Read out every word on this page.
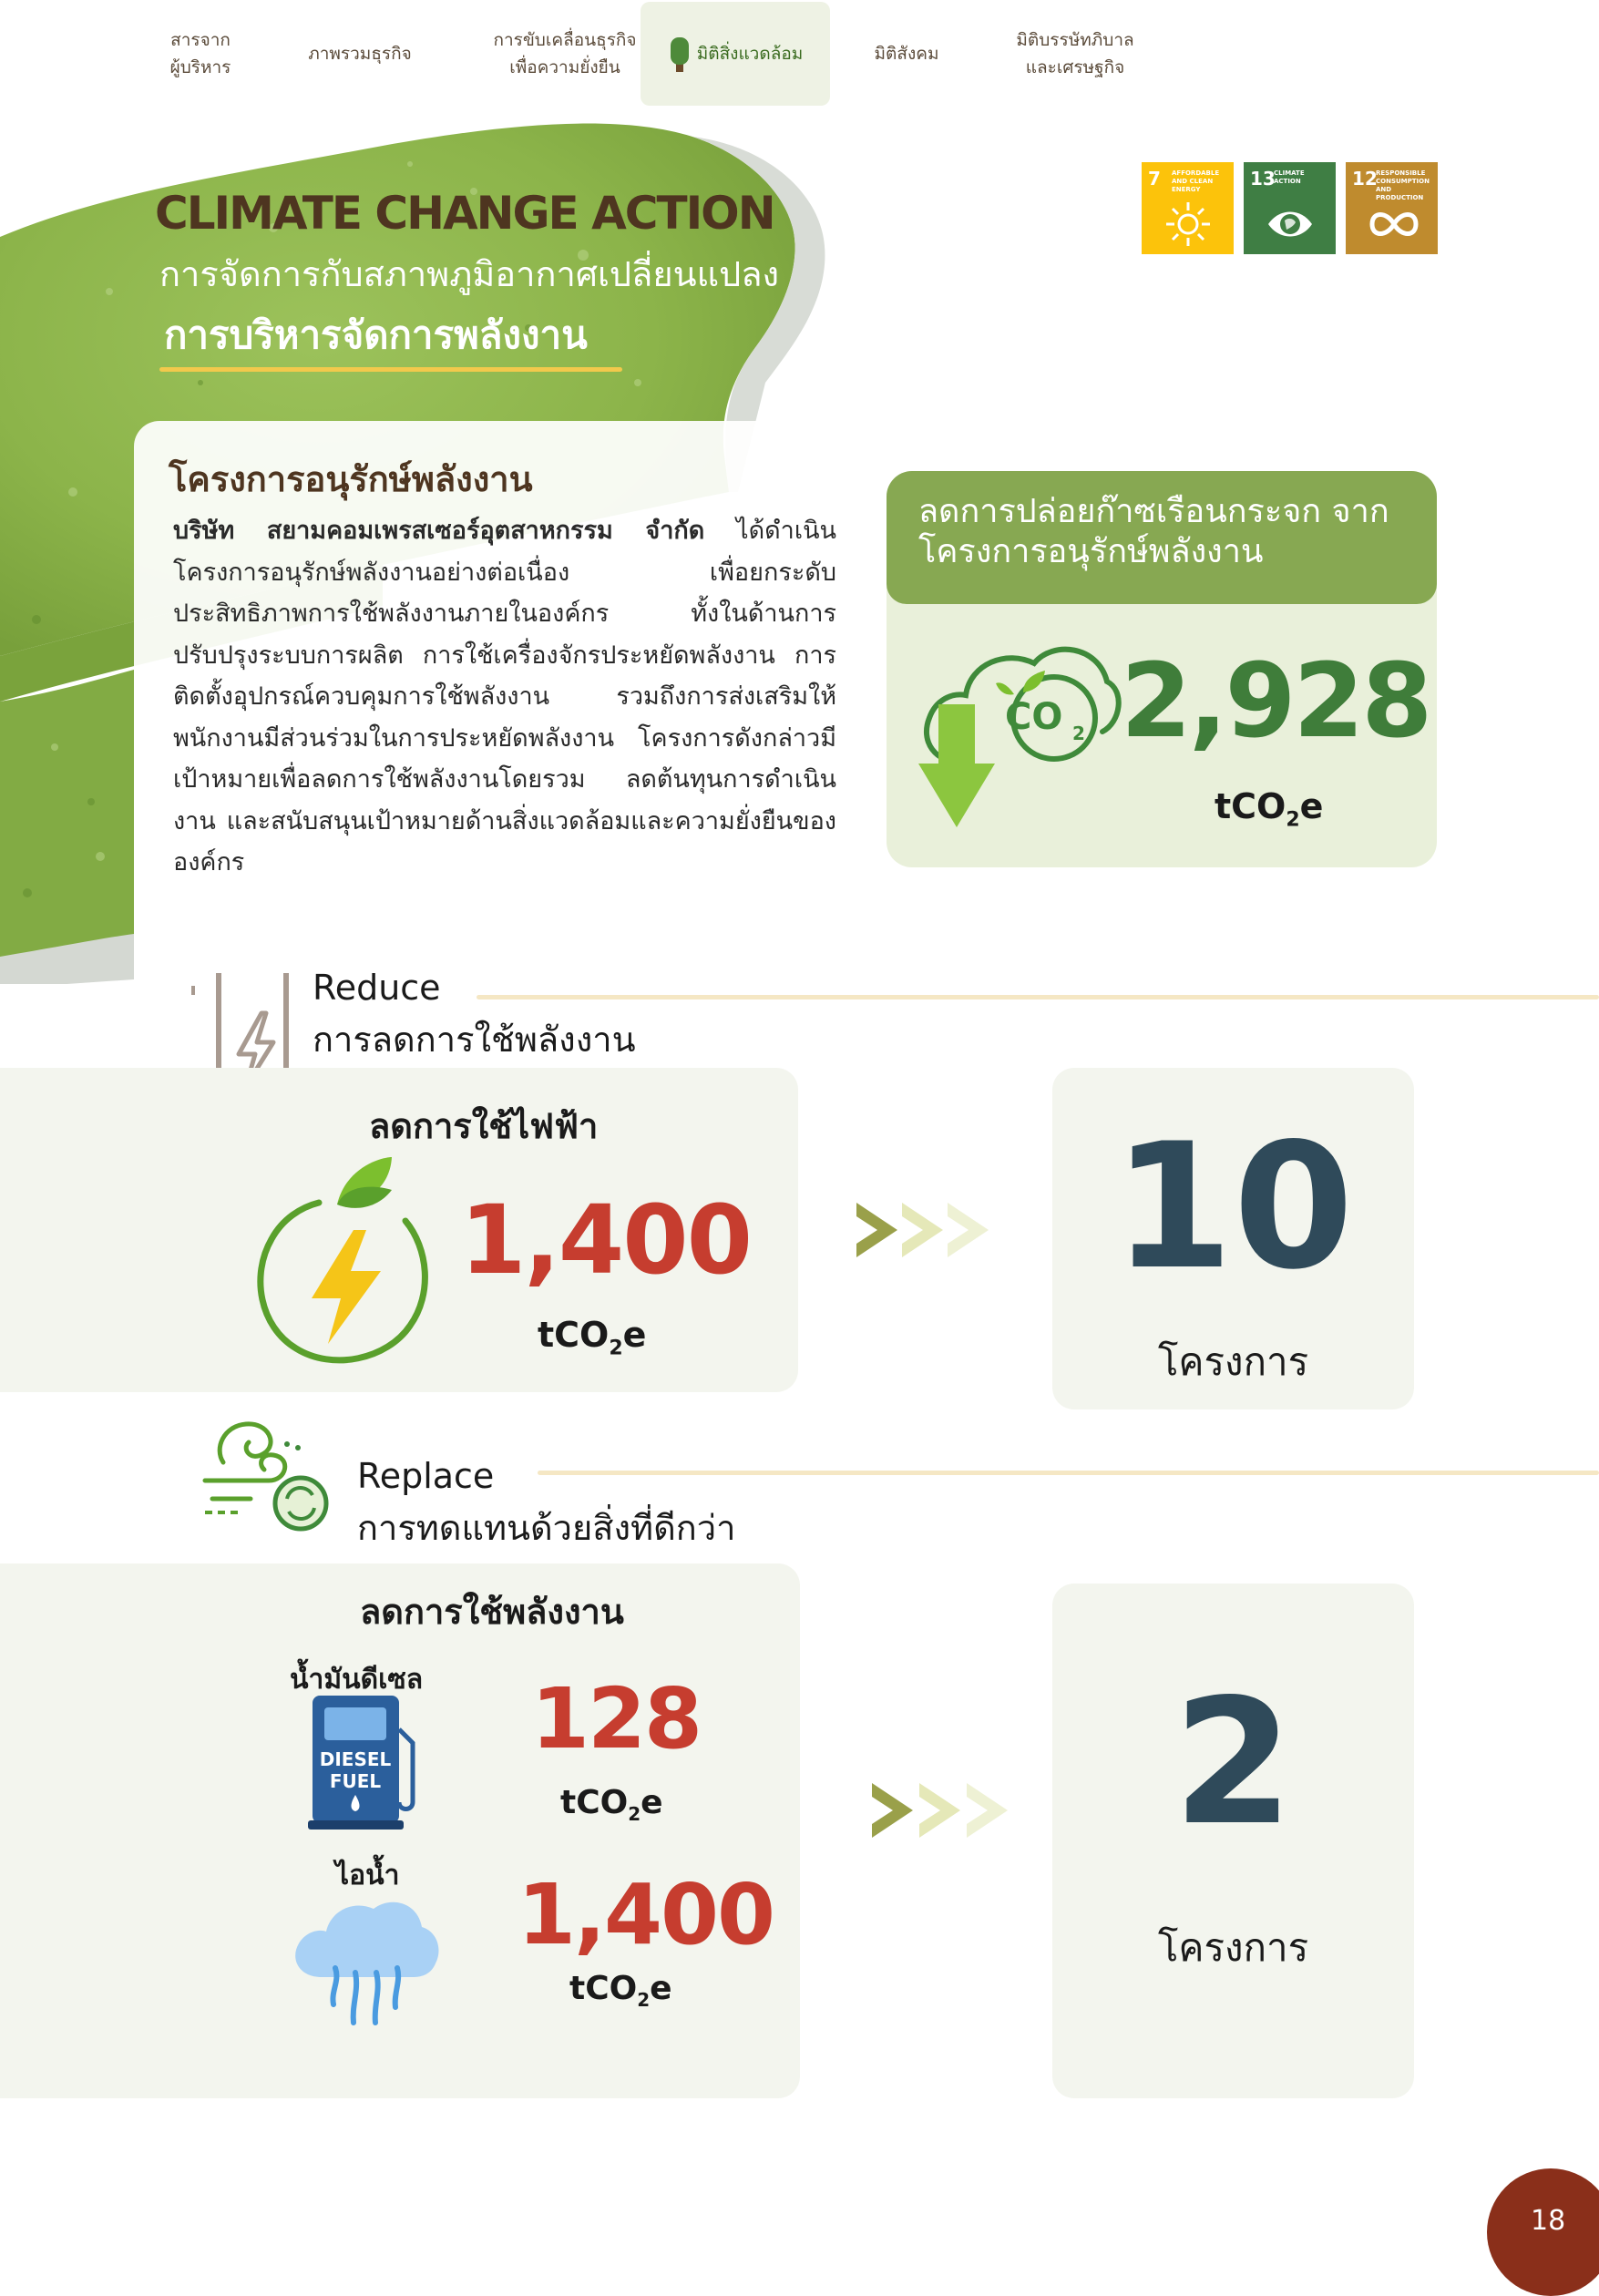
สารจาก
ผู้บริหาร
ภาพรวมธุรกิจ
การขับเคลื่อนธุรกิจ
เพื่อความยั่งยืน
มิติสิ่งแวดล้อม	มิติสังคม
มิติบรรษัทภิบาล
และเศรษฐกิจ
CLIMATE CHANGE ACTION
การจัดการกับสภาพภูมิอากาศเปลี่ยนแปลง
การบริหารจัดการพลังงาน
7 AFFORDABLE AND CLEAN ENERGY	13
CLIMATE ACTION	12
RESPONSIBLE CONSUMPTION AND PRODUCTION
โครงการอนุรักษ์พลังงาน
บริษัท สยามคอมเพรสเซอร์อุตสาหกรรม จำกัด ได้ดำเนินโครงการอนุรักษ์พลังงานอย่างต่อเนื่อง เพื่อยกระดับประสิทธิภาพการใช้พลังงานภายในองค์กร ทั้งในด้านการปรับปรุงระบบการผลิต การใช้เครื่องจักรประหยัดพลังงาน การติดตั้งอุปกรณ์ควบคุมการใช้พลังงาน รวมถึงการส่งเสริมให้พนักงานมีส่วนร่วมในการประหยัดพลังงาน โครงการดังกล่าวมีเป้าหมายเพื่อลดการใช้พลังงานโดยรวม ลดต้นทุนการดำเนินงาน และสนับสนุนเป้าหมายด้านสิ่งแวดล้อมและความยั่งยืนขององค์กร
ลดการปล่อยก๊าซเรือนกระจก จากโครงการอนุรักษ์พลังงาน
CO 2 2,928
tCO$_2$e
Reduce
การลดการใช้พลังงาน
ลดการใช้ไฟฟ้า
1,400
tCO$_2$e
10
โครงการ
Replace
การทดแทนด้วยสิ่งที่ดีกว่า
ลดการใช้พลังงาน
น้ำมันดีเซล
DIESEL
FUEL
128
tCO$_2$e
ไอน้ำ 1,400
tCO$_2$e
2
โครงการ
18
